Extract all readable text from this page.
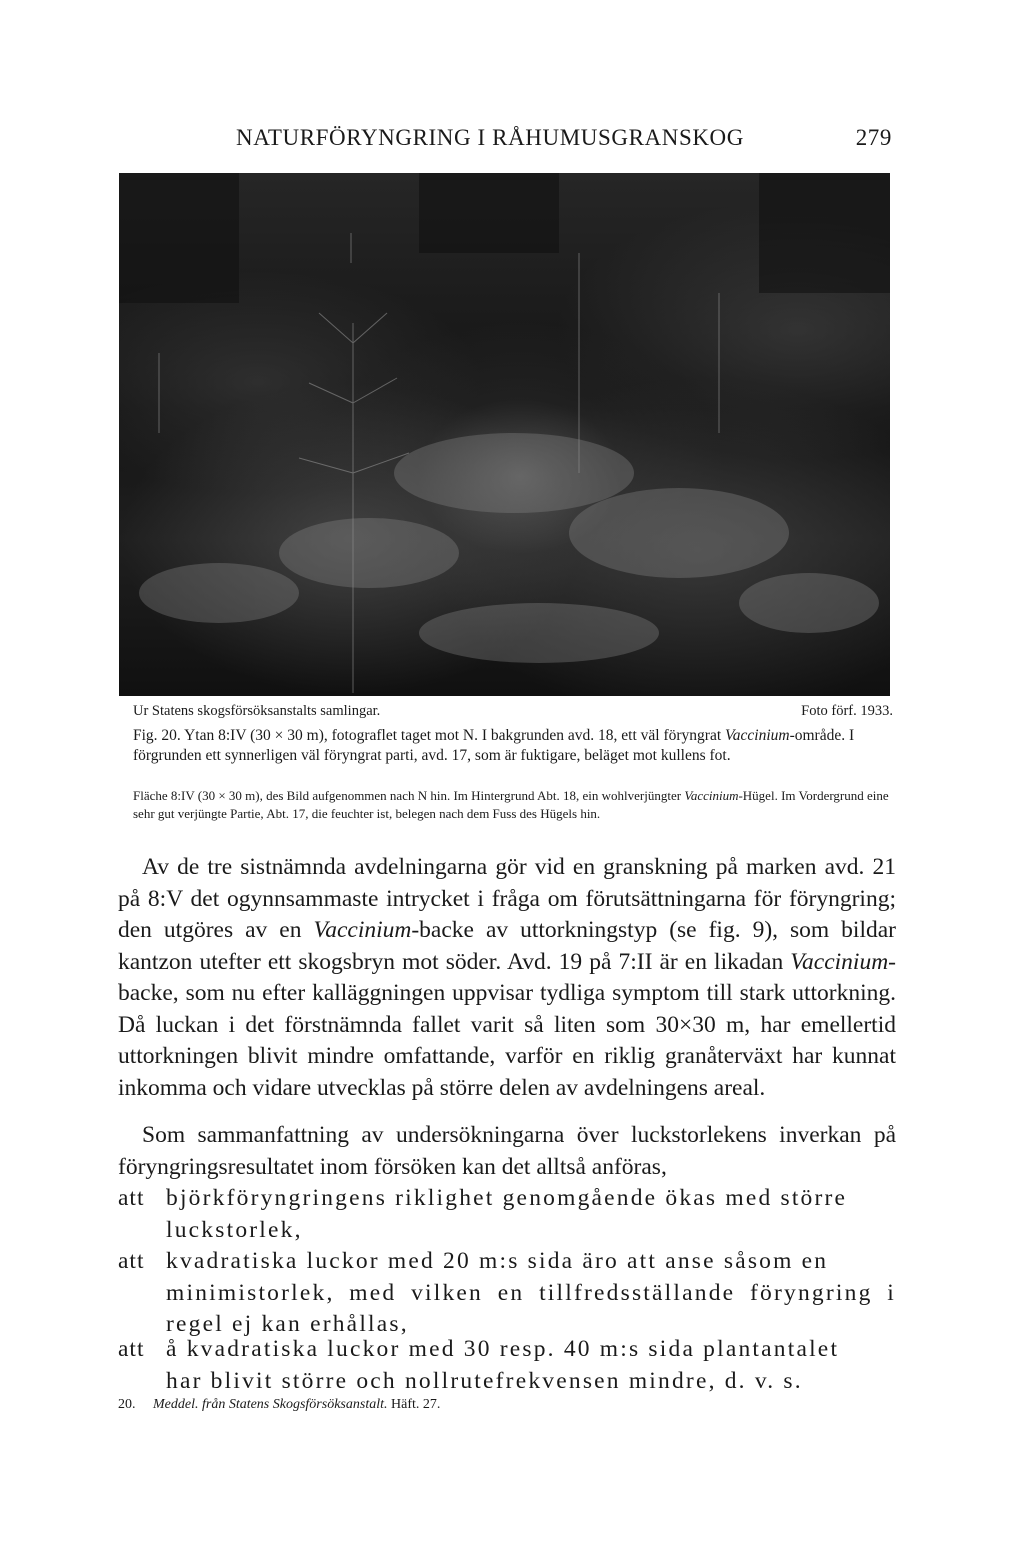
NATURFÖRYNGRING I RÅHUMUSGRANSKOG	279
Ur Statens skogsförsöksanstalts samlingar.	Foto förf. 1933.
Fig. 20. Ytan 8:IV (30 × 30 m), fotograflet taget mot N. I bakgrunden avd. 18, ett väl föryngrat Vaccinium-område. I förgrunden ett synnerligen väl föryngrat parti, avd. 17, som är fuktigare, beläget mot kullens fot.
Fläche 8:IV (30 × 30 m), des Bild aufgenommen nach N hin. Im Hintergrund Abt. 18, ein wohlverjüngter Vaccinium-Hügel. Im Vordergrund eine sehr gut verjüngte Partie, Abt. 17, die feuchter ist, belegen nach dem Fuss des Hügels hin.
Av de tre sistnämnda avdelningarna gör vid en granskning på marken avd. 21 på 8:V det ogynnsammaste intrycket i fråga om förutsättningarna för föryngring; den utgöres av en Vaccinium-backe av uttorkningstyp (se fig. 9), som bildar kantzon utefter ett skogsbryn mot söder. Avd. 19 på 7:II är en likadan Vaccinium-backe, som nu efter kalläggningen uppvisar tydliga symptom till stark uttorkning. Då luckan i det förstnämnda fallet varit så liten som 30×30 m, har emellertid uttorkningen blivit mindre omfattande, varför en riklig granåterväxt har kunnat inkomma och vidare utvecklas på större delen av avdelningens areal.
Som sammanfattning av undersökningarna över luckstorlekens inverkan på föryngringsresultatet inom försöken kan det alltså anföras,
att björkföryngringens riklighet genomgående ökas med större
luckstorlek,
att kvadratiska luckor med 20 m:s sida äro att anse såsom en
minimistorlek, med vilken en tillfredsställande föryngring i regel ej kan erhållas,
att å kvadratiska luckor med 30 resp. 40 m:s sida plantantalet
har blivit större och nollrutefrekvensen mindre, d. v. s.
20. Meddel. från Statens Skogsförsöksanstalt. Häft. 27.
